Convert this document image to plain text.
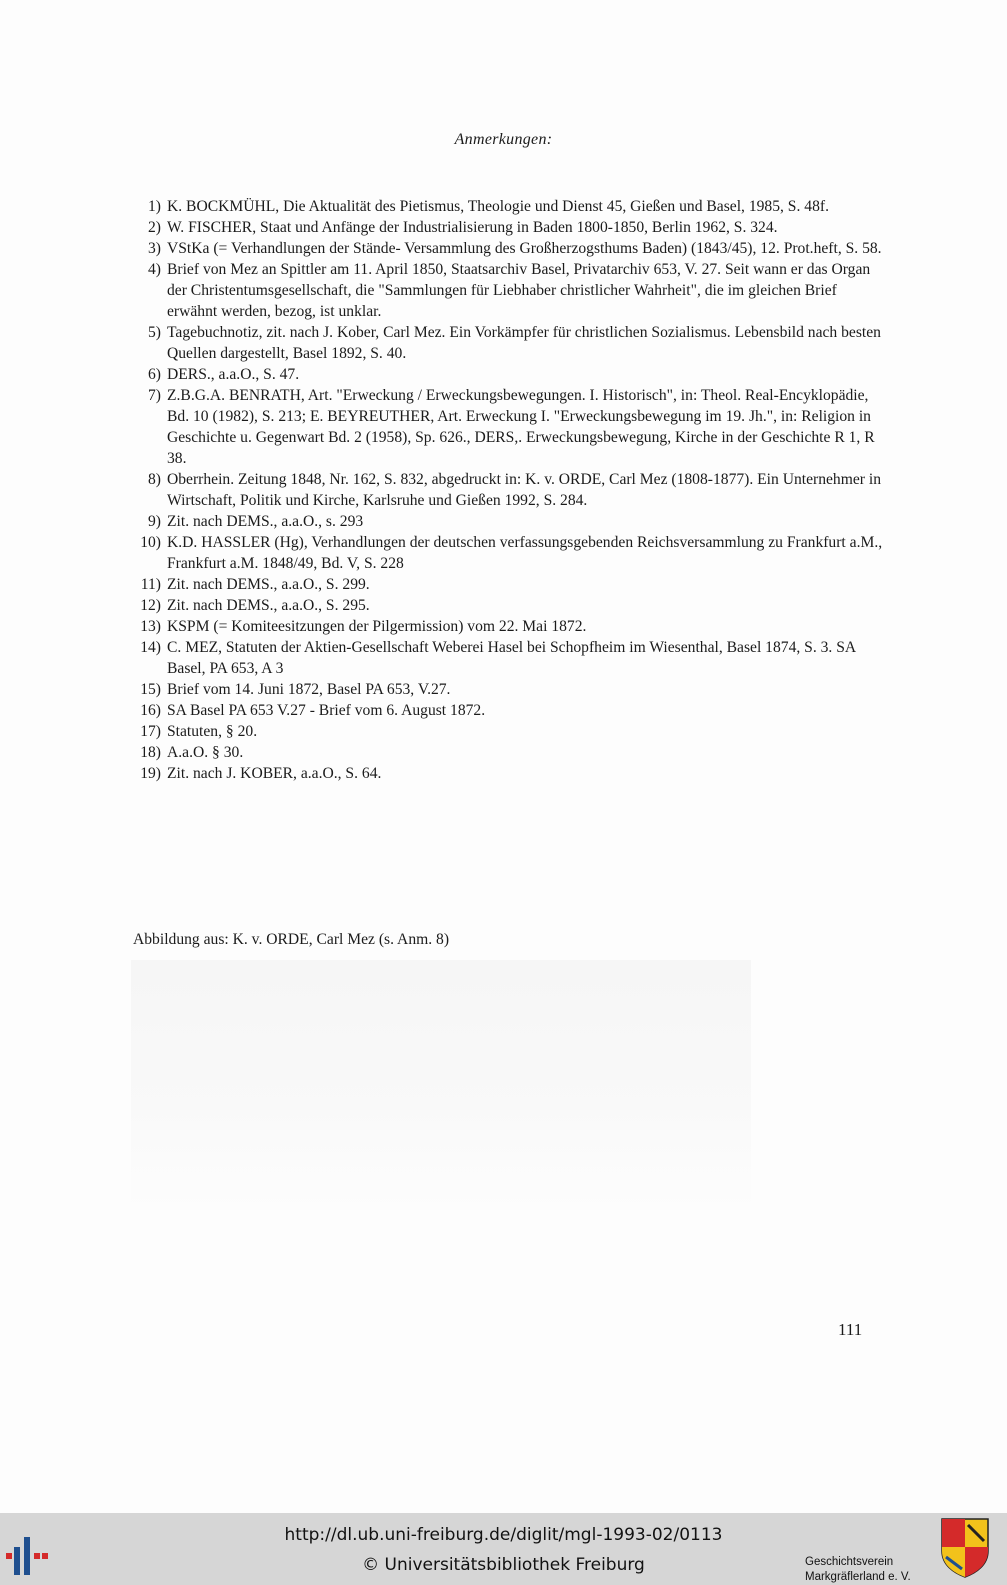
Anmerkungen:
1) K. BOCKMÜHL, Die Aktualität des Pietismus, Theologie und Dienst 45, Gießen und Basel, 1985, S. 48f.
2) W. FISCHER, Staat und Anfänge der Industrialisierung in Baden 1800-1850, Berlin 1962, S. 324.
3) VStKa (= Verhandlungen der Stände- Versammlung des Großherzogsthums Baden) (1843/45), 12. Prot.heft, S. 58.
4) Brief von Mez an Spittler am 11. April 1850, Staatsarchiv Basel, Privatarchiv 653, V. 27. Seit wann er das Organ der Christentumsgesellschaft, die "Sammlungen für Liebhaber christlicher Wahrheit", die im gleichen Brief erwähnt werden, bezog, ist unklar.
5) Tagebuchnotiz, zit. nach J. Kober, Carl Mez. Ein Vorkämpfer für christlichen Sozialismus. Lebensbild nach besten Quellen dargestellt, Basel 1892, S. 40.
6) DERS., a.a.O., S. 47.
7) Z.B.G.A. BENRATH, Art. "Erweckung / Erweckungsbewegungen. I. Historisch", in: Theol. Real-Encyklopädie, Bd. 10 (1982), S. 213; E. BEYREUTHER, Art. Erweckung I. "Erweckungsbewegung im 19. Jh.", in: Religion in Geschichte u. Gegenwart Bd. 2 (1958), Sp. 626., DERS,. Erweckungsbewegung, Kirche in der Geschichte R 1, R 38.
8) Oberrhein. Zeitung 1848, Nr. 162, S. 832, abgedruckt in: K. v. ORDE, Carl Mez (1808-1877). Ein Unternehmer in Wirtschaft, Politik und Kirche, Karlsruhe und Gießen 1992, S. 284.
9) Zit. nach DEMS., a.a.O., s. 293
10) K.D. HASSLER (Hg), Verhandlungen der deutschen verfassungsgebenden Reichsversammlung zu Frankfurt a.M., Frankfurt a.M. 1848/49, Bd. V, S. 228
11) Zit. nach DEMS., a.a.O., S. 299.
12) Zit. nach DEMS., a.a.O., S. 295.
13) KSPM (= Komiteesitzungen der Pilgermission) vom 22. Mai 1872.
14) C. MEZ, Statuten der Aktien-Gesellschaft Weberei Hasel bei Schopfheim im Wiesenthal, Basel 1874, S. 3. SA Basel, PA 653, A 3
15) Brief vom 14. Juni 1872, Basel PA 653, V.27.
16) SA Basel PA 653 V.27 - Brief vom 6. August 1872.
17) Statuten, § 20.
18) A.a.O. § 30.
19) Zit. nach J. KOBER, a.a.O., S. 64.
Abbildung aus: K. v. ORDE, Carl Mez (s. Anm. 8)
111
http://dl.ub.uni-freiburg.de/diglit/mgl-1993-02/0113
© Universitätsbibliothek Freiburg	Geschichtsverein
Markgräflerland e. V.
